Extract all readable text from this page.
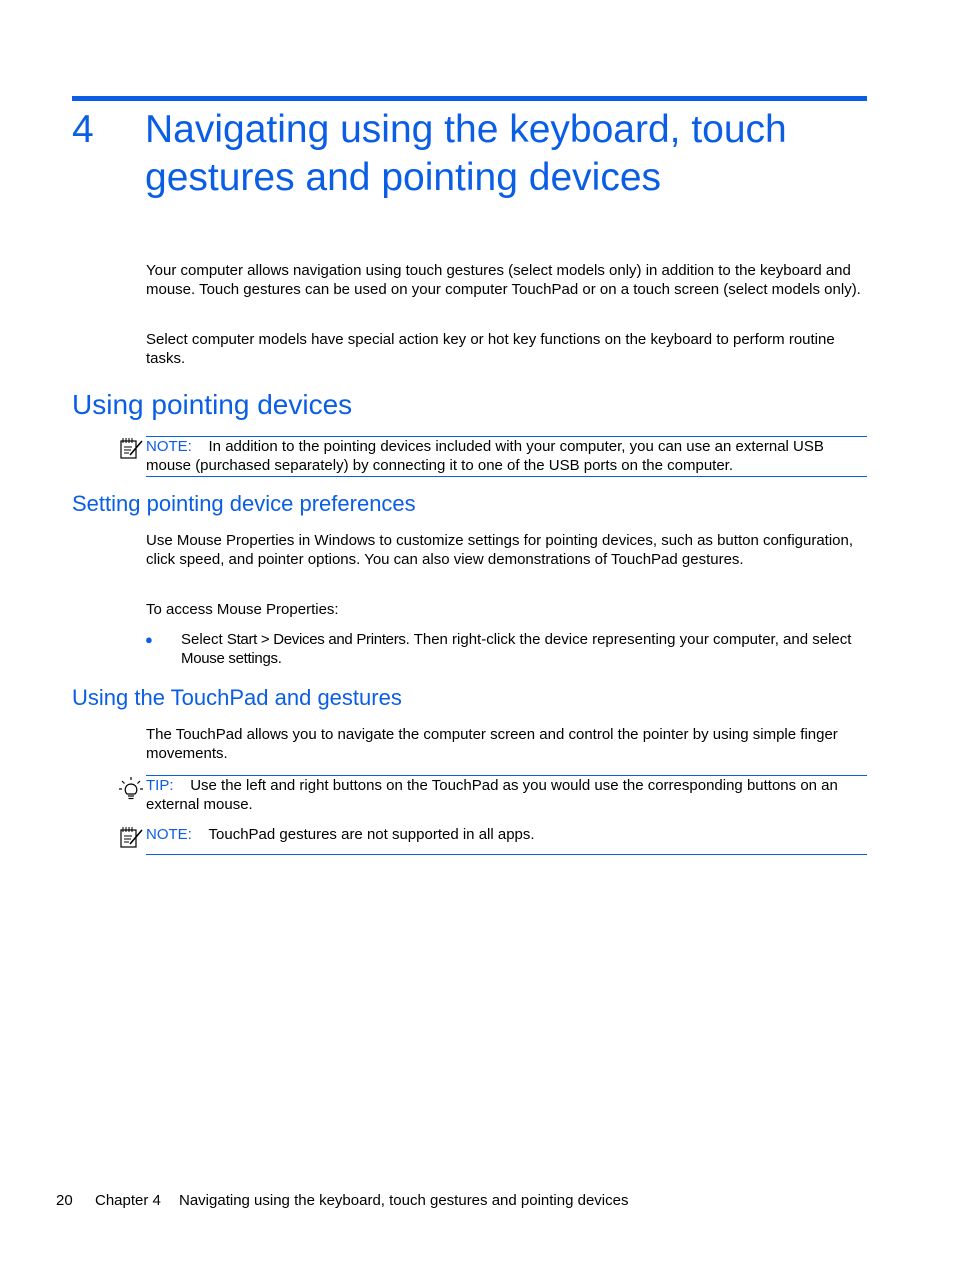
4 Navigating using the keyboard, touch gestures and pointing devices

Your computer allows navigation using touch gestures (select models only) in addition to the keyboard and mouse. Touch gestures can be used on your computer TouchPad or on a touch screen (select models only).

Select computer models have special action key or hot key functions on the keyboard to perform routine tasks.

Using pointing devices

NOTE: In addition to the pointing devices included with your computer, you can use an external USB mouse (purchased separately) by connecting it to one of the USB ports on the computer.

Setting pointing device preferences

Use Mouse Properties in Windows to customize settings for pointing devices, such as button configuration, click speed, and pointer options. You can also view demonstrations of TouchPad gestures.

To access Mouse Properties:

● Select Start > Devices and Printers. Then right-click the device representing your computer, and select Mouse settings.

Using the TouchPad and gestures

The TouchPad allows you to navigate the computer screen and control the pointer by using simple finger movements.

TIP: Use the left and right buttons on the TouchPad as you would use the corresponding buttons on an external mouse.

NOTE: TouchPad gestures are not supported in all apps.

20 Chapter 4 Navigating using the keyboard, touch gestures and pointing devices
